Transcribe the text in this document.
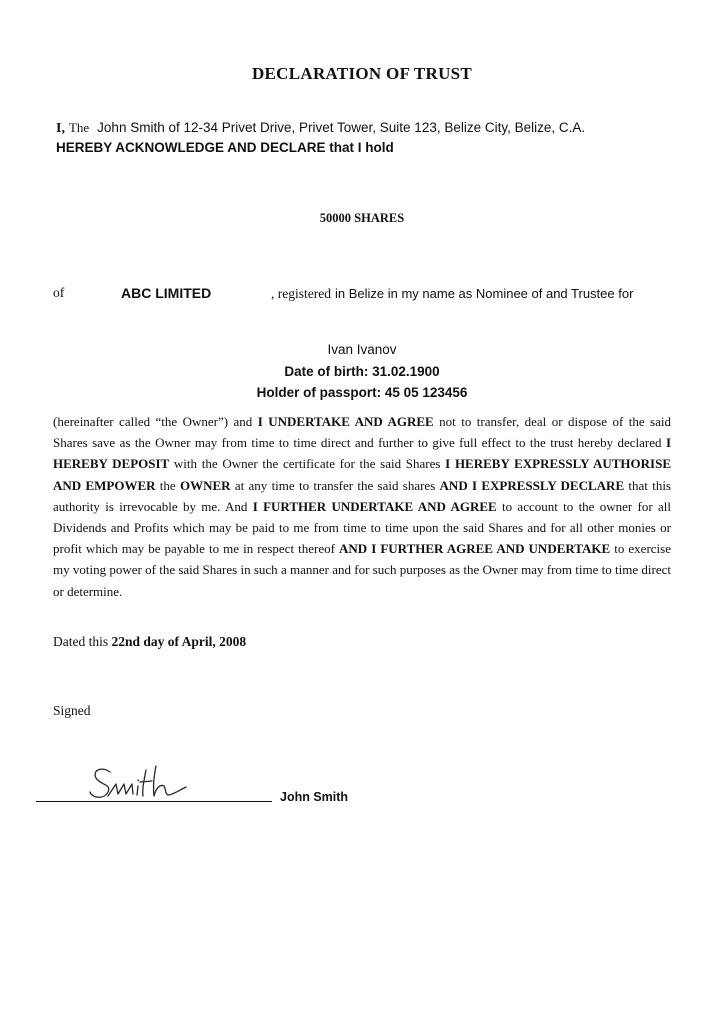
DECLARATION OF TRUST
I, The John Smith of 12-34 Privet Drive, Privet Tower, Suite 123, Belize City, Belize, C.A.
HEREBY ACKNOWLEDGE AND DECLARE that I hold
50000 SHARES
of	ABC LIMITED	, registered in Belize in my name as Nominee of and Trustee for
Ivan Ivanov
Date of birth: 31.02.1900
Holder of passport: 45 05 123456
(hereinafter called “the Owner”) and I UNDERTAKE AND AGREE not to transfer, deal or dispose of the said Shares save as the Owner may from time to time direct and further to give full effect to the trust hereby declared I HEREBY DEPOSIT with the Owner the certificate for the said Shares I HEREBY EXPRESSLY AUTHORISE AND EMPOWER the OWNER at any time to transfer the said shares AND I EXPRESSLY DECLARE that this authority is irrevocable by me. And I FURTHER UNDERTAKE AND AGREE to account to the owner for all Dividends and Profits which may be paid to me from time to time upon the said Shares and for all other monies or profit which may be payable to me in respect thereof AND I FURTHER AGREE AND UNDERTAKE to exercise my voting power of the said Shares in such a manner and for such purposes as the Owner may from time to time direct or determine.
Dated this 22nd day of April, 2008
Signed
John Smith
